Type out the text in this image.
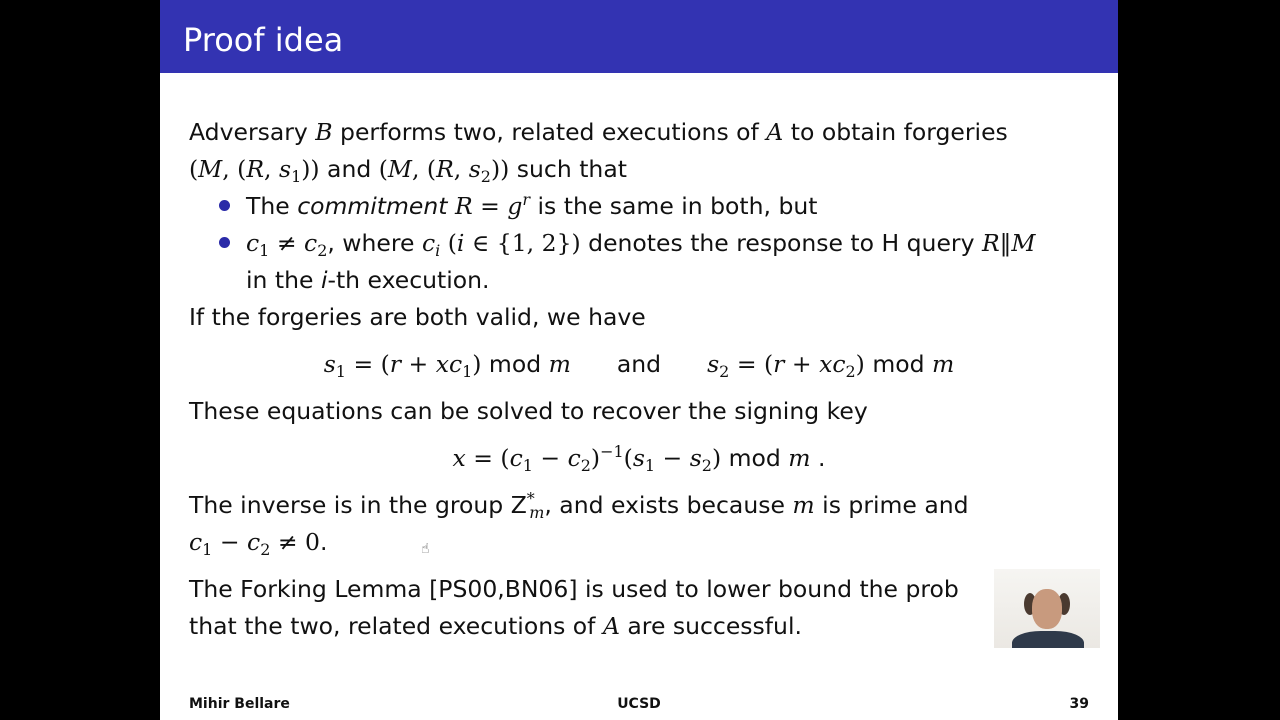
Proof idea
Adversary B performs two, related executions of A to obtain forgeries
(M, (R, $s_1$)) and (M, (R, $s_2$)) such that
The commitment $R = g^r$ is the same in both, but
$c_1 \ne c_2$, where $c_i$ (i ∈ {1, 2}) denotes the response to H query R‖M
in the i-th execution.
If the forgeries are both valid, we have
$s_1 = (r + xc_1)$ mod m and $s_2 = (r + xc_2)$ mod m
These equations can be solved to recover the signing key
$x = (c_1 - c_2)^{-1}(s_1 - s_2)$ mod m .
The inverse is in the group $Z^*_m$, and exists because m is prime and
$c_1 - c_2 \ne 0$.
The Forking Lemma [PS00,BN06] is used to lower bound the prob
that the two, related executions of A are successful.
Mihir Bellare	UCSD	39
☝
